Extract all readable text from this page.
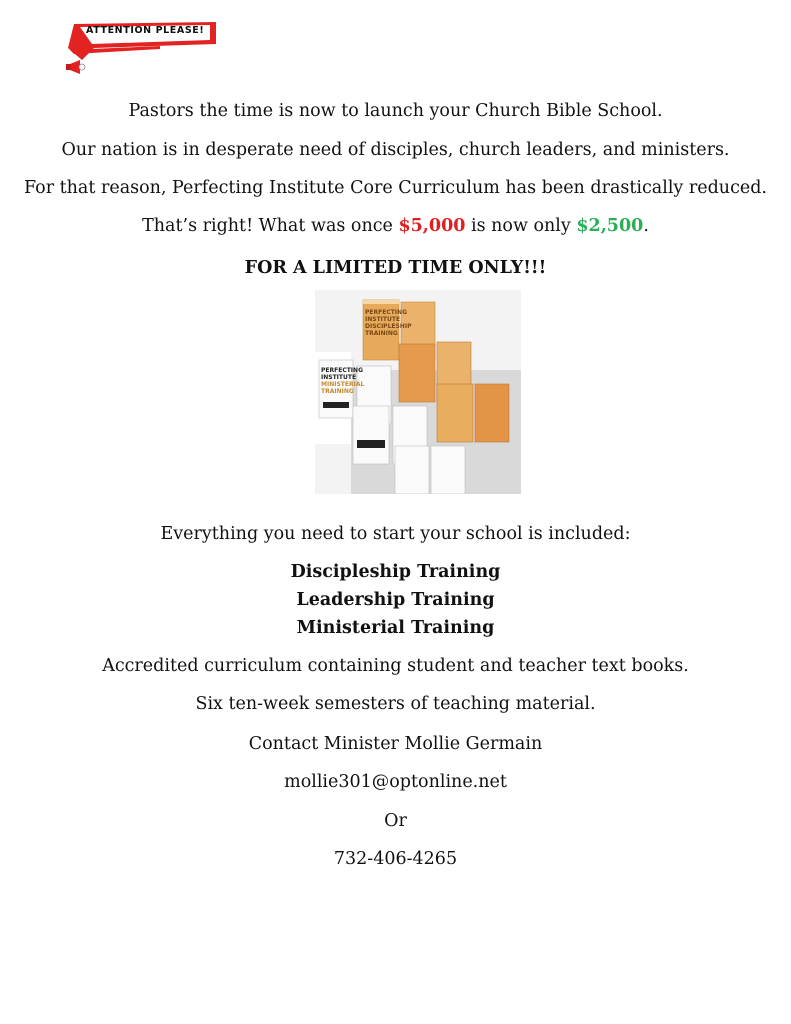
ATTENTION PLEASE!
Pastors the time is now to launch your Church Bible School.
Our nation is in desperate need of disciples, church leaders, and ministers.
For that reason, Perfecting Institute Core Curriculum has been drastically reduced.
That’s right! What was once $5,000 is now only $2,500.
FOR A LIMITED TIME ONLY!!!
PERFECTING
INSTITUTE
DISCIPLESHIP
TRAINING
PERFECTING
INSTITUTE
MINISTERIAL
TRAINING
Everything you need to start your school is included:
Discipleship Training
Leadership Training
Ministerial Training
Accredited curriculum containing student and teacher text books.
Six ten-week semesters of teaching material.
Contact Minister Mollie Germain
mollie301@optonline.net
Or
732-406-4265
